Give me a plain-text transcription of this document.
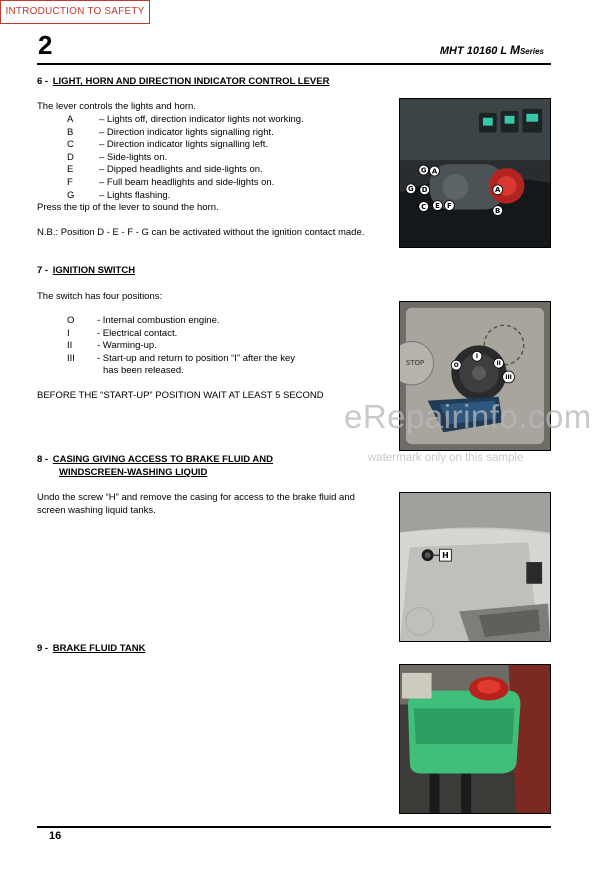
INTRODUCTION TO SAFETY
2	MHT 10160 L MSeries
6 - LIGHT, HORN AND DIRECTION INDICATOR CONTROL LEVER
The lever controls the lights and horn.
A	– Lights off, direction indicator lights not working.
B	– Direction indicator lights signalling right.
C	– Direction indicator lights signalling left.
D	– Side-lights on.
E	– Dipped headlights and side-lights on.
F	– Full beam headlights and side-lights on.
G	– Lights flashing.
Press the tip of the lever to sound the horn.
N.B.: Position D - E - F - G can be activated without the ignition contact made.
G A
G D
C E F
A
B
7 - IGNITION SWITCH
The switch has four positions:
O	- Internal combustion engine.
I	- Electrical contact.
II	- Warming-up.
III	- Start-up and return to position “I” after the key
has been released.
BEFORE THE “START-UP” POSITION WAIT AT LEAST 5 SECOND
STOP	O
I
II
III
eRepairinfo.com
watermark only on this sample
8 - CASING GIVING ACCESS TO BRAKE FLUID AND
WINDSCREEN-WASHING LIQUID
Undo the screw “H” and remove the casing for access to the brake fluid and
screen washing liquid tanks.
H
9 - BRAKE FLUID TANK
16
